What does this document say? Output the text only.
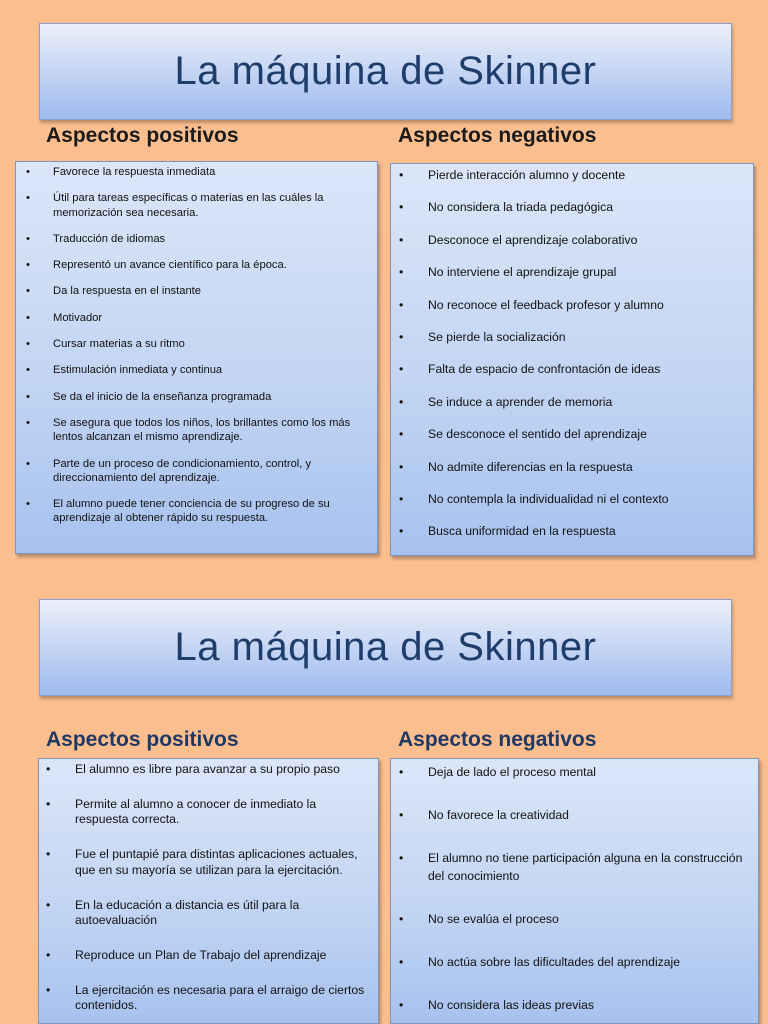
La máquina de Skinner
Aspectos positivos	Aspectos negativos
• Favorece la respuesta inmediata
• Útil para tareas específicas o materias en las cuáles la memorización sea necesaria.
• Traducción de idiomas
• Representó un avance científico para la época.
• Da la respuesta en el instante
• Motivador
• Cursar materias a su ritmo
• Estimulación inmediata y continua
• Se da el inicio de la enseñanza programada
• Se asegura que todos los niños, los brillantes como los más lentos alcanzan el mismo aprendizaje.
• Parte de un proceso de condicionamiento, control, y direccionamiento del aprendizaje.
• El alumno puede tener conciencia de su progreso de su aprendizaje al obtener rápido su respuesta.
• Pierde interacción alumno y docente
• No considera la triada pedagógica
• Desconoce el aprendizaje colaborativo
• No interviene el aprendizaje grupal
• No reconoce el feedback profesor y alumno
• Se pierde la socialización
• Falta de espacio de confrontación de ideas
• Se induce a aprender de memoria
• Se desconoce el sentido del aprendizaje
• No admite diferencias en la respuesta
• No contempla la individualidad ni el contexto
• Busca uniformidad en la respuesta
La máquina de Skinner
Aspectos positivos	Aspectos negativos
• El alumno es libre para avanzar a su propio paso
• Permite al alumno a conocer de inmediato la respuesta correcta.
• Fue el puntapié para distintas aplicaciones actuales, que en su mayoría se utilizan para la ejercitación.
• En la educación a distancia es útil para la autoevaluación
• Reproduce un Plan de Trabajo del aprendizaje
• La ejercitación es necesaria para el arraigo de ciertos contenidos.
• Deja de lado el proceso mental
• No favorece la creatividad
• El alumno no tiene participación alguna en la construcción del conocimiento
• No se evalúa el proceso
• No actúa sobre las dificultades del aprendizaje
• No considera las ideas previas
